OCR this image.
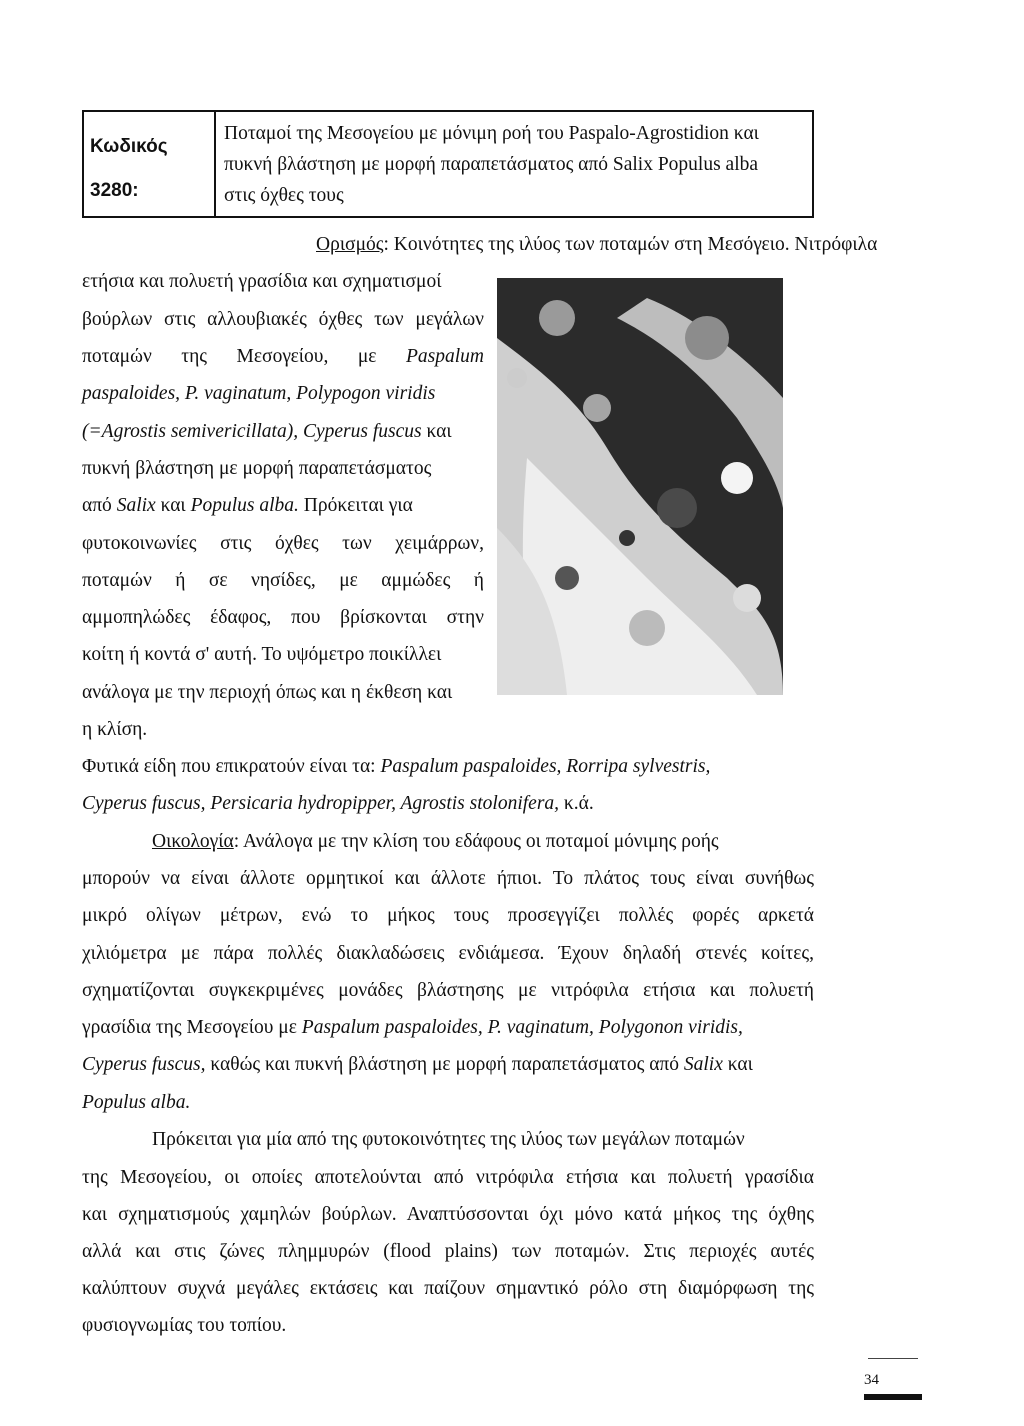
Κωδικός
3280:
Ποταμοί της Μεσογείου με μόνιμη ροή του Paspalo-Agrostidion και
πυκνή βλάστηση με μορφή παραπετάσματος από Salix Populus alba
στις όχθες τους
Ορισμός: Κοινότητες της ιλύος των ποταμών στη Μεσόγειο. Νιτρόφιλα
ετήσια και πολυετή γρασίδια και σχηματισμοί
βούρλων στις αλλουβιακές όχθες των μεγάλων
ποταμών της Μεσογείου, με Paspalum
paspaloides, P. vaginatum, Polypogon viridis
(=Agrostis semivericillata), Cyperus fuscus και
πυκνή βλάστηση με μορφή παραπετάσματος
από Salix και Populus alba. Πρόκειται για
φυτοκοινωνίες στις όχθες των χειμάρρων,
ποταμών ή σε νησίδες, με αμμώδες ή
αμμοπηλώδες έδαφος, που βρίσκονται στην
κοίτη ή κοντά σ' αυτή. Το υψόμετρο ποικίλλει
ανάλογα με την περιοχή όπως και η έκθεση και
η κλίση.
Φυτικά είδη που επικρατούν είναι τα: Paspalum paspaloides, Rorripa sylvestris,
Cyperus fuscus, Persicaria hydropipper, Agrostis stolonifera, κ.ά.
Οικολογία: Ανάλογα με την κλίση του εδάφους οι ποταμοί μόνιμης ροής
μπορούν να είναι άλλοτε ορμητικοί και άλλοτε ήπιοι. Το πλάτος τους είναι συνήθως
μικρό ολίγων μέτρων, ενώ το μήκος τους προσεγγίζει πολλές φορές αρκετά
χιλιόμετρα με πάρα πολλές διακλαδώσεις ενδιάμεσα. Έχουν δηλαδή στενές κοίτες,
σχηματίζονται συγκεκριμένες μονάδες βλάστησης με νιτρόφιλα ετήσια και πολυετή
γρασίδια της Μεσογείου με Paspalum paspaloides, P. vaginatum, Polygonon viridis,
Cyperus fuscus, καθώς και πυκνή βλάστηση με μορφή παραπετάσματος από Salix και
Populus alba.
Πρόκειται για μία από της φυτοκοινότητες της ιλύος των μεγάλων ποταμών
της Μεσογείου, οι οποίες αποτελούνται από νιτρόφιλα ετήσια και πολυετή γρασίδια
και σχηματισμούς χαμηλών βούρλων. Αναπτύσσονται όχι μόνο κατά μήκος της όχθης
αλλά και στις ζώνες πλημμυρών (flood plains) των ποταμών. Στις περιοχές αυτές
καλύπτουν συχνά μεγάλες εκτάσεις και παίζουν σημαντικό ρόλο στη διαμόρφωση της
φυσιογνωμίας του τοπίου.
34
